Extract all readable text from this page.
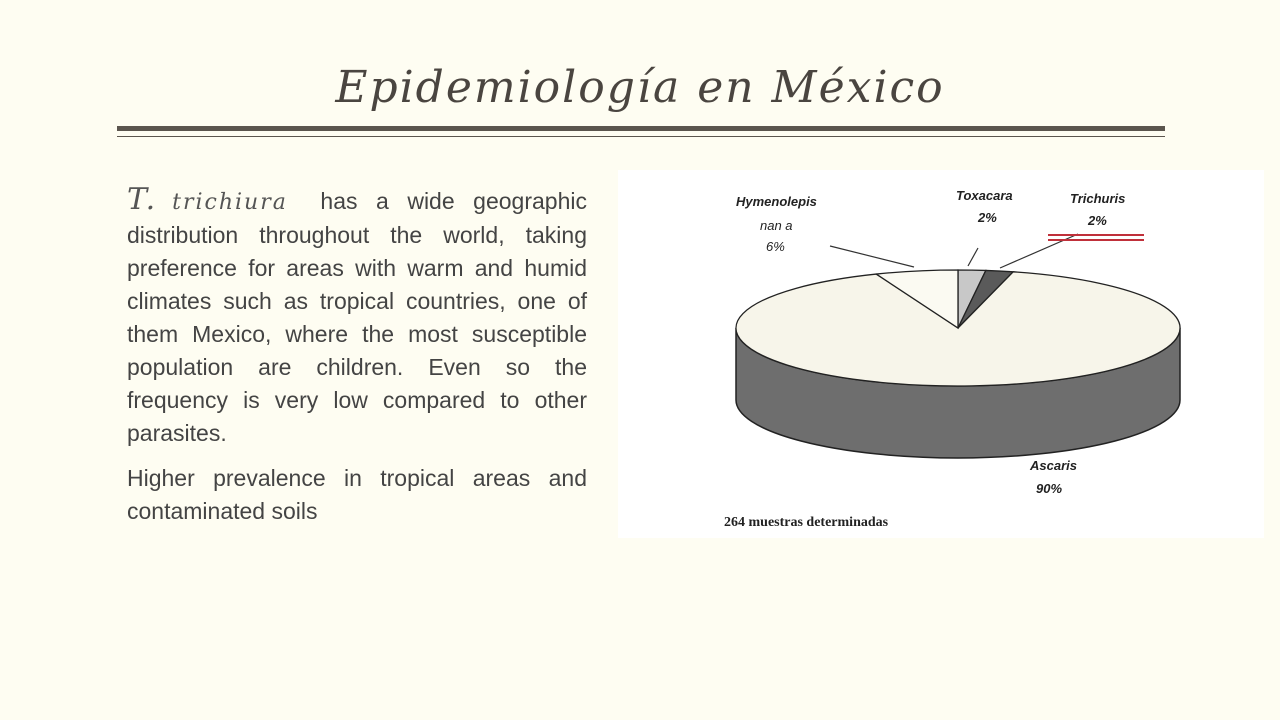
Epidemiología en México

T. trichiura has a wide geographic distribution throughout the world, taking preference for areas with warm and humid climates such as tropical countries, one of them Mexico, where the most susceptible population are children. Even so the frequency is very low compared to other parasites.

Higher prevalence in tropical areas and contaminated soils

Hymenolepis
nan a
6%
Toxacara
2%
Trichuris
2%
Ascaris
90%
264 muestras determinadas
